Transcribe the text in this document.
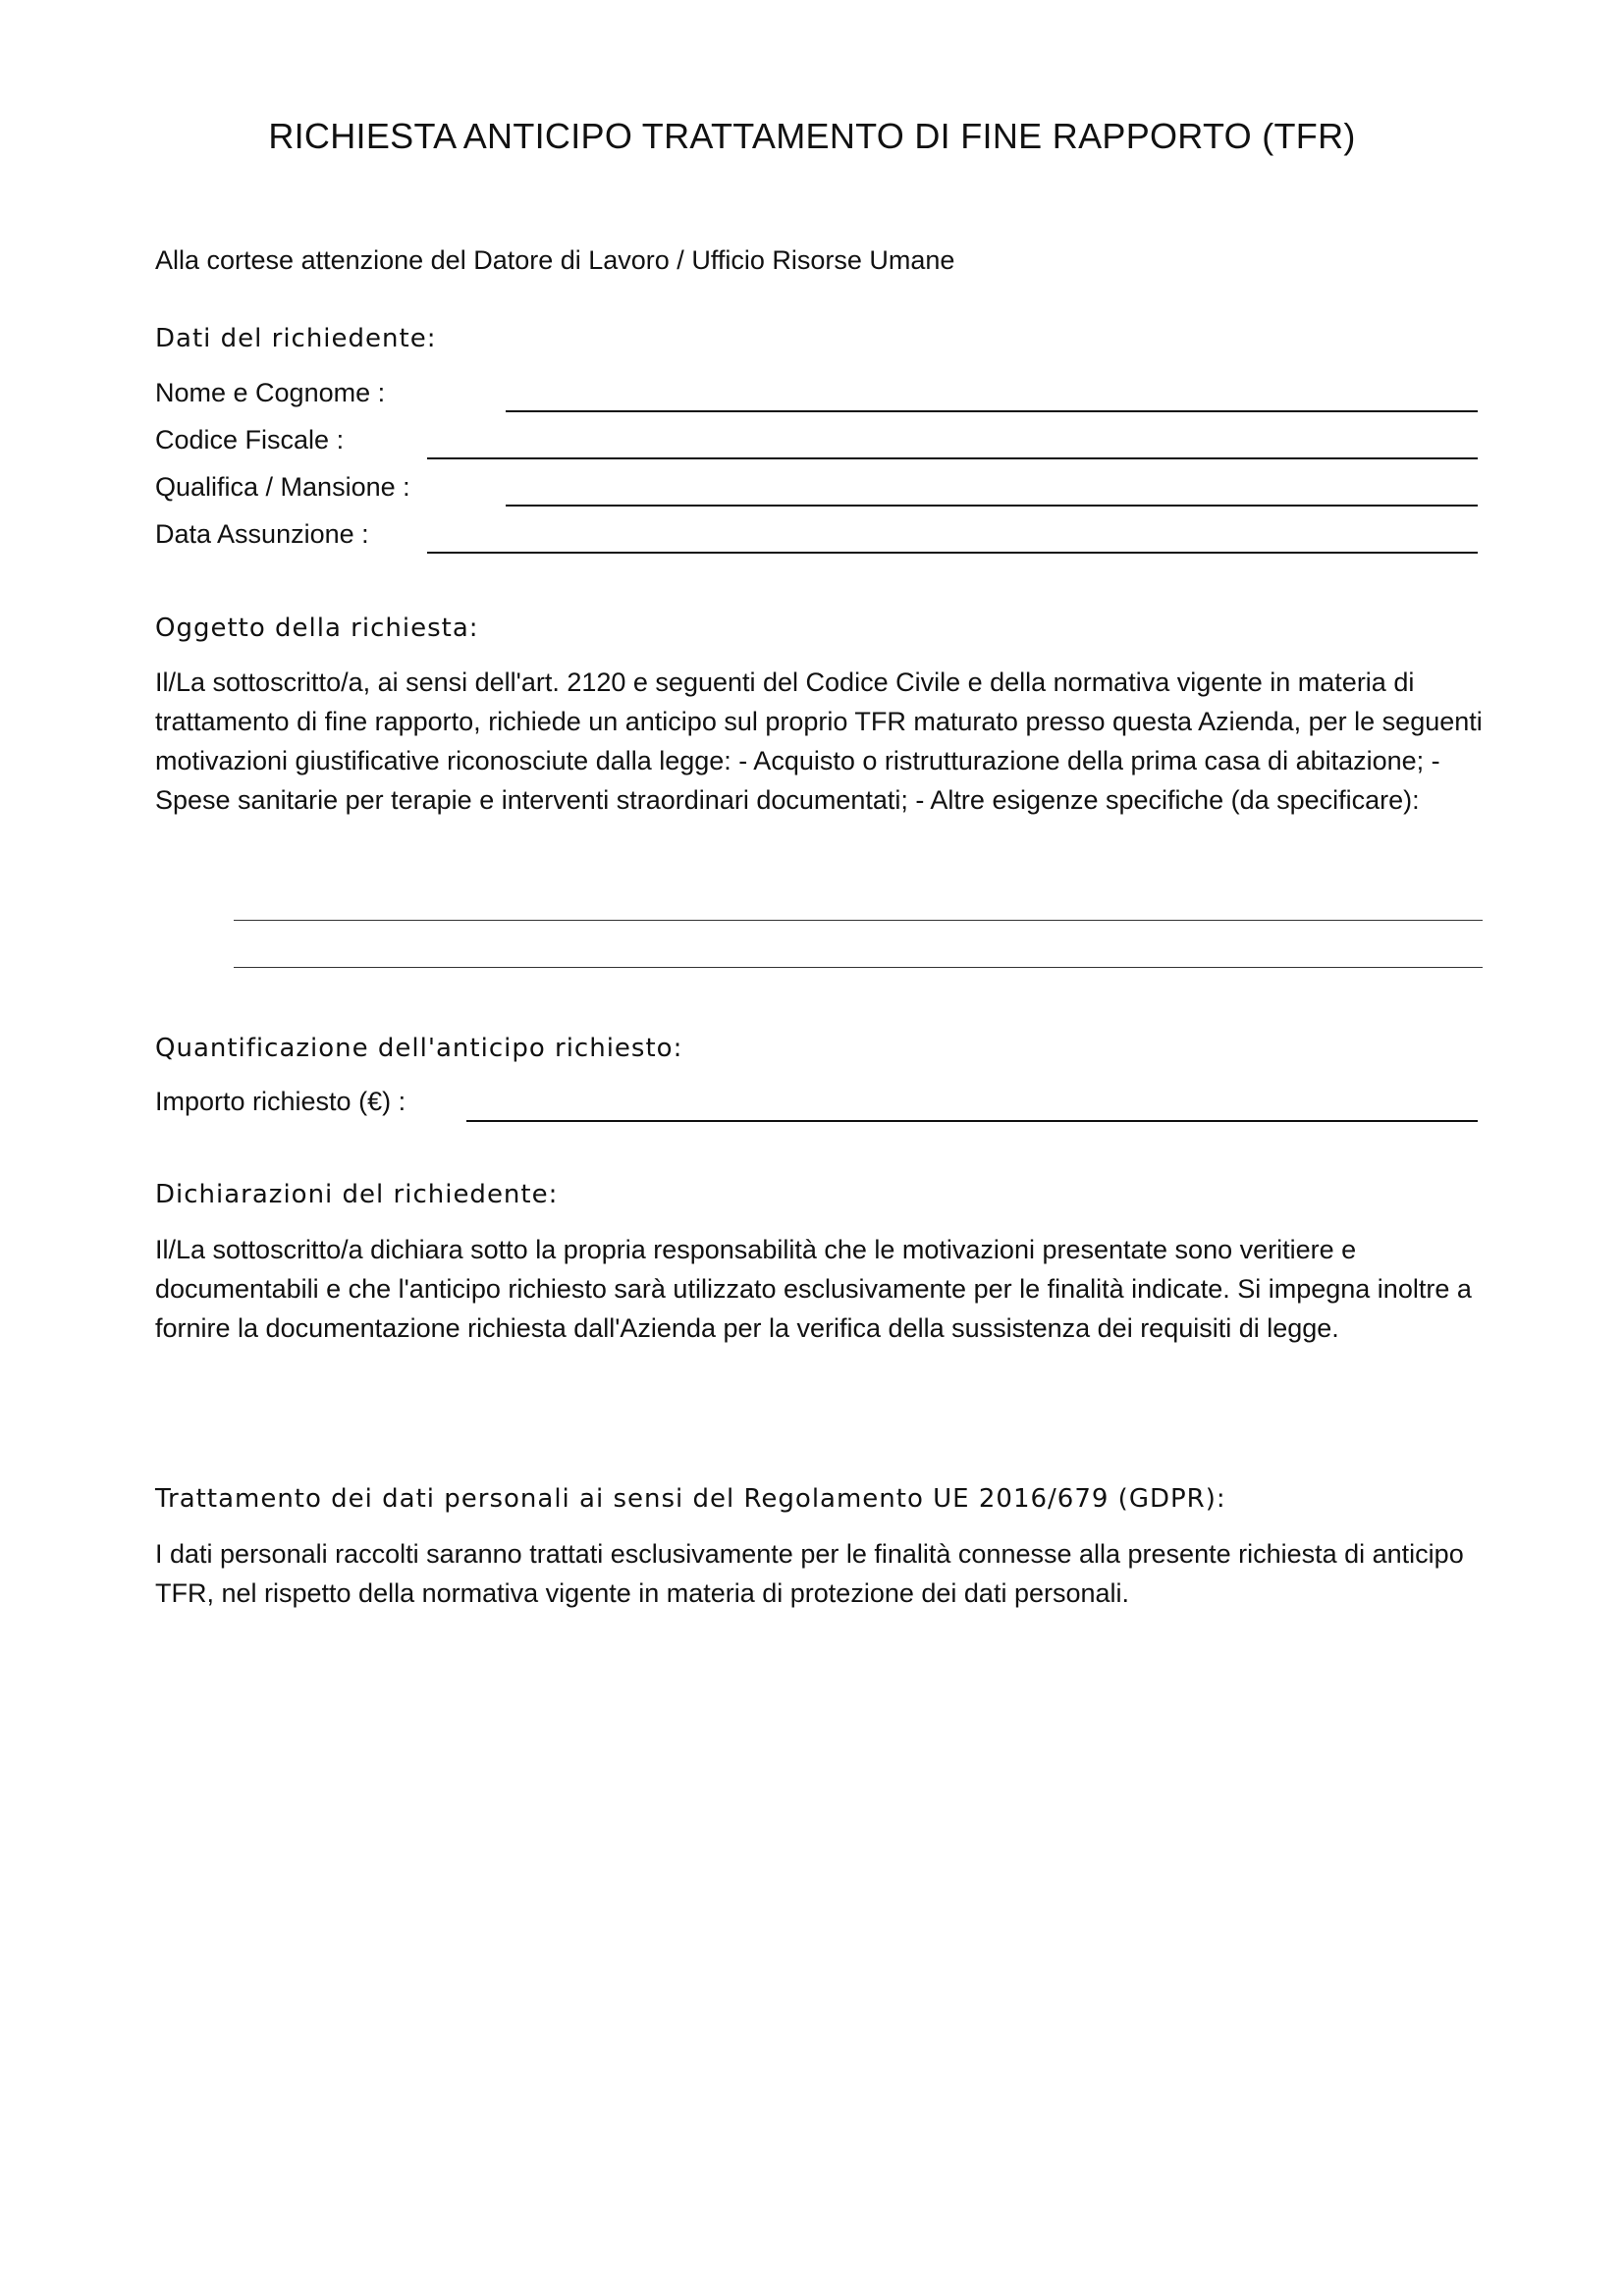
RICHIESTA ANTICIPO TRATTAMENTO DI FINE RAPPORTO (TFR)
Alla cortese attenzione del Datore di Lavoro / Ufficio Risorse Umane
Dati del richiedente:
Nome e Cognome :
Codice Fiscale :
Qualifica / Mansione :
Data Assunzione :
Oggetto della richiesta:
Il/La sottoscritto/a, ai sensi dell'art. 2120 e seguenti del Codice Civile e della normativa vigente in materia di trattamento di fine rapporto, richiede un anticipo sul proprio TFR maturato presso questa Azienda, per le seguenti motivazioni giustificative riconosciute dalla legge: - Acquisto o ristrutturazione della prima casa di abitazione; - Spese sanitarie per terapie e interventi straordinari documentati; - Altre esigenze specifiche (da specificare):
Quantificazione dell'anticipo richiesto:
Importo richiesto (€) :
Dichiarazioni del richiedente:
Il/La sottoscritto/a dichiara sotto la propria responsabilità che le motivazioni presentate sono veritiere e documentabili e che l'anticipo richiesto sarà utilizzato esclusivamente per le finalità indicate. Si impegna inoltre a fornire la documentazione richiesta dall'Azienda per la verifica della sussistenza dei requisiti di legge.
Trattamento dei dati personali ai sensi del Regolamento UE 2016/679 (GDPR):
I dati personali raccolti saranno trattati esclusivamente per le finalità connesse alla presente richiesta di anticipo TFR, nel rispetto della normativa vigente in materia di protezione dei dati personali.
